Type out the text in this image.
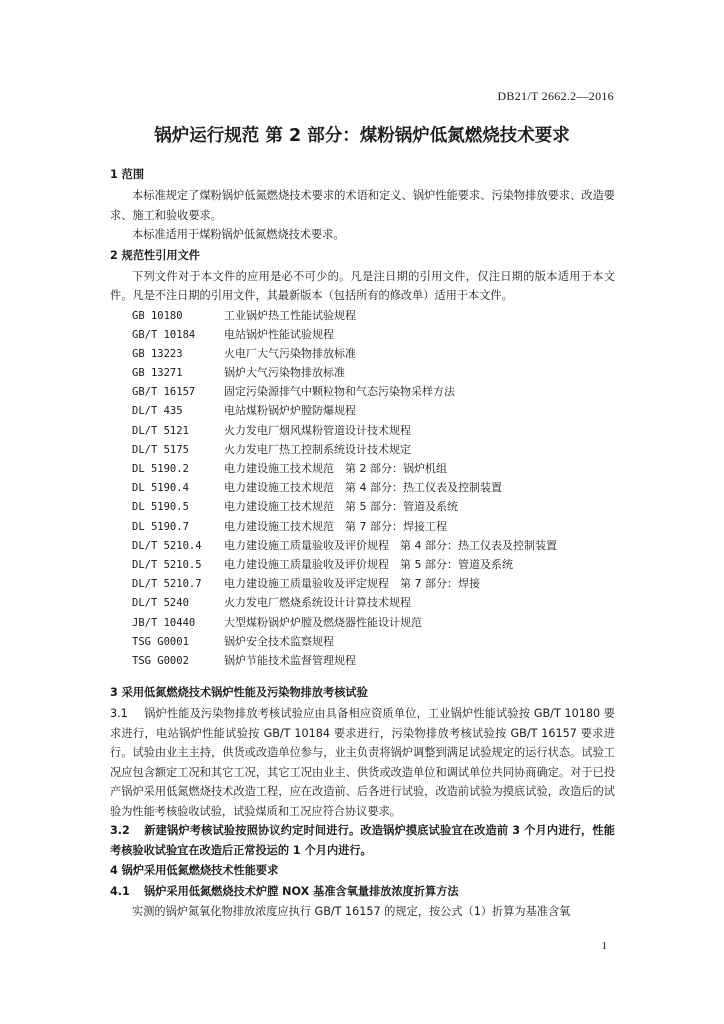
DB21/T 2662.2—2016
锅炉运行规范 第 2 部分：煤粉锅炉低氮燃烧技术要求
1 范围
本标准规定了煤粉锅炉低氮燃烧技术要求的术语和定义、锅炉性能要求、污染物排放要求、改造要求、施工和验收要求。
本标准适用于煤粉锅炉低氮燃烧技术要求。
2 规范性引用文件
下列文件对于本文件的应用是必不可少的。凡是注日期的引用文件，仅注日期的版本适用于本文件。凡是不注日期的引用文件，其最新版本（包括所有的修改单）适用于本文件。
GB 10180	工业锅炉热工性能试验规程
GB/T 10184	电站锅炉性能试验规程
GB 13223	火电厂大气污染物排放标准
GB 13271	锅炉大气污染物排放标准
GB/T 16157	固定污染源排气中颗粒物和气态污染物采样方法
DL/T 435	电站煤粉锅炉炉膛防爆规程
DL/T 5121	火力发电厂烟风煤粉管道设计技术规程
DL/T 5175	火力发电厂热工控制系统设计技术规定
DL 5190.2	电力建设施工技术规范　第 2 部分：锅炉机组
DL 5190.4	电力建设施工技术规范　第 4 部分：热工仪表及控制装置
DL 5190.5	电力建设施工技术规范　第 5 部分：管道及系统
DL 5190.7	电力建设施工技术规范　第 7 部分：焊接工程
DL/T 5210.4 电力建设施工质量验收及评价规程　第 4 部分：热工仪表及控制装置
DL/T 5210.5 电力建设施工质量验收及评价规程　第 5 部分：管道及系统
DL/T 5210.7 电力建设施工质量验收及评定规程　第 7 部分：焊接
DL/T 5240	火力发电厂燃烧系统设计计算技术规程
JB/T 10440	大型煤粉锅炉炉膛及燃烧器性能设计规范
TSG G0001	锅炉安全技术监察规程
TSG G0002	锅炉节能技术监督管理规程
3 采用低氮燃烧技术锅炉性能及污染物排放考核试验
3.1 锅炉性能及污染物排放考核试验应由具备相应资质单位，工业锅炉性能试验按 GB/T 10180 要求进行，电站锅炉性能试验按 GB/T 10184 要求进行，污染物排放考核试验按 GB/T 16157 要求进行。试验由业主主持，供货或改造单位参与，业主负责将锅炉调整到满足试验规定的运行状态。试验工况应包含额定工况和其它工况，其它工况由业主、供货或改造单位和调试单位共同协商确定。对于已投产锅炉采用低氮燃烧技术改造工程，应在改造前、后各进行试验，改造前试验为摸底试验，改造后的试验为性能考核验收试验，试验煤质和工况应符合协议要求。
3.2 新建锅炉考核试验按照协议约定时间进行。改造锅炉摸底试验宜在改造前 3 个月内进行，性能考核验收试验宜在改造后正常投运的 1 个月内进行。
4 锅炉采用低氮燃烧技术性能要求
4.1 锅炉采用低氮燃烧技术炉膛 NOX 基准含氧量排放浓度折算方法
实测的锅炉氮氧化物排放浓度应执行 GB/T 16157 的规定，按公式（1）折算为基准含氧
1
